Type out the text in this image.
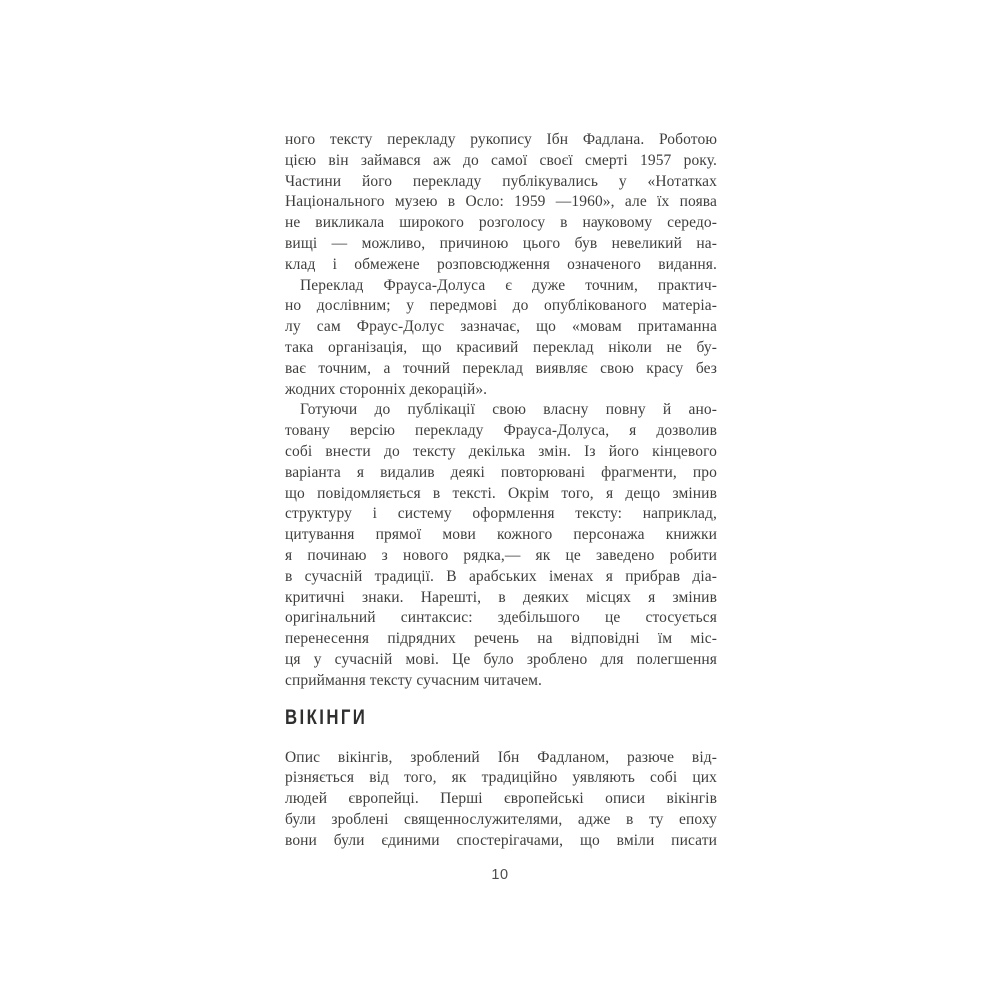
ного тексту перекладу рукопису Ібн Фадлана. Роботою
цією він займався аж до самої своєї смерті 1957 року.
Частини його перекладу публікувались у «Нотатках
Національного музею в Осло: 1959 —1960», але їх поява
не викликала широкого розголосу в науковому середо-
вищі — можливо, причиною цього був невеликий на-
клад і обмежене розповсюдження означеного видання.
Переклад Фрауса-Долуса є дуже точним, практич-
но дослівним; у передмові до опублікованого матеріа-
лу сам Фраус-Долус зазначає, що «мовам притаманна
така організація, що красивий переклад ніколи не бу-
ває точним, а точний переклад виявляє свою красу без
жодних сторонніх декорацій».
Готуючи до публікації свою власну повну й ано-
товану версію перекладу Фрауса-Долуса, я дозволив
собі внести до тексту декілька змін. Із його кінцевого
варіанта я видалив деякі повторювані фрагменти, про
що повідомляється в тексті. Окрім того, я дещо змінив
структуру і систему оформлення тексту: наприклад,
цитування прямої мови кожного персонажа книжки
я починаю з нового рядка,— як це заведено робити
в сучасній традиції. В арабських іменах я прибрав діа-
критичні знаки. Нарешті, в деяких місцях я змінив
оригінальний синтаксис: здебільшого це стосується
перенесення підрядних речень на відповідні їм міс-
ця у сучасній мові. Це було зроблено для полегшення
сприймання тексту сучасним читачем.
ВІКІНГИ
Опис вікінгів, зроблений Ібн Фадланом, разюче від-
різняється від того, як традиційно уявляють собі цих
людей європейці. Перші європейські описи вікінгів
були зроблені священнослужителями, адже в ту епоху
вони були єдиними спостерігачами, що вміли писати
10
